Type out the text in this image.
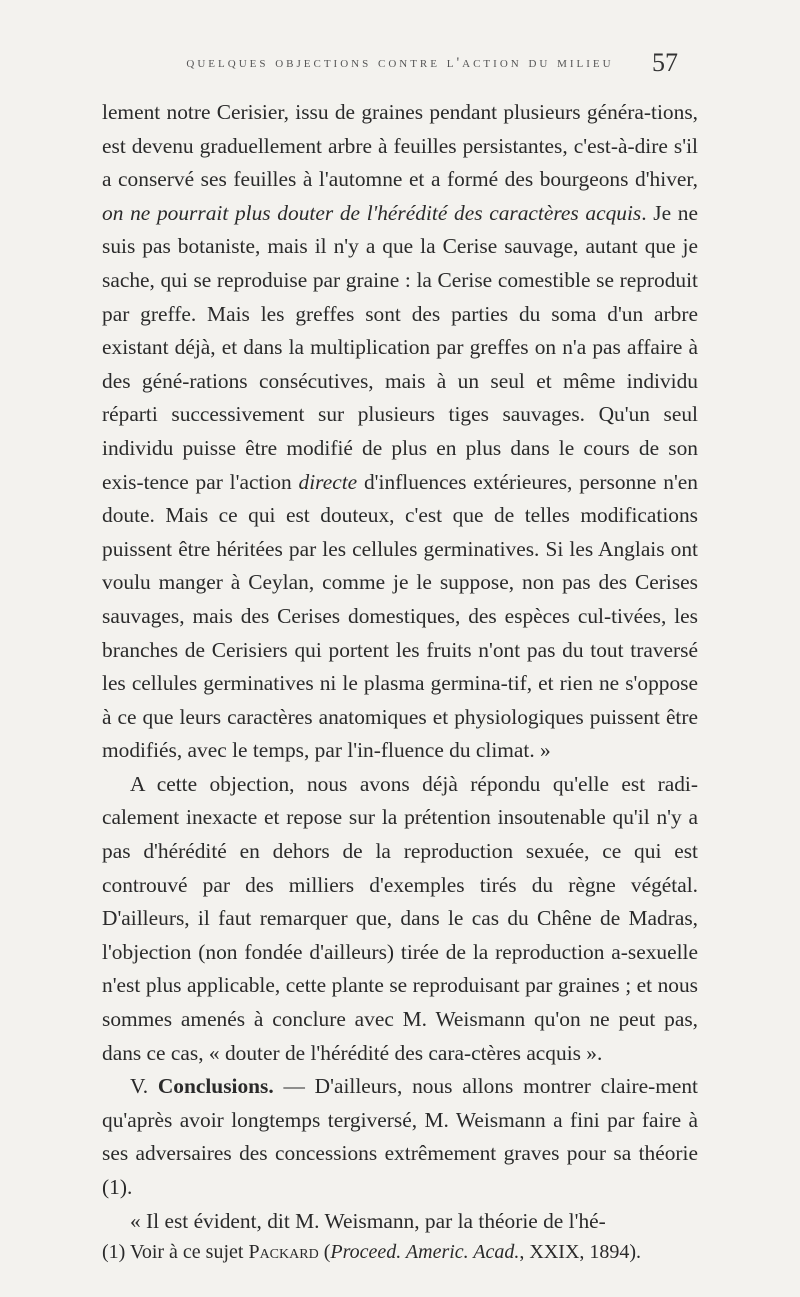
quelques objections contre l'action du milieu	57

lement notre Cerisier, issu de graines pendant plusieurs généra-tions, est devenu graduellement arbre à feuilles persistantes, c'est-à-dire s'il a conservé ses feuilles à l'automne et a formé des bourgeons d'hiver, on ne pourrait plus douter de l'hérédité des caractères acquis. Je ne suis pas botaniste, mais il n'y a que la Cerise sauvage, autant que je sache, qui se reproduise par graine : la Cerise comestible se reproduit par greffe. Mais les greffes sont des parties du soma d'un arbre existant déjà, et dans la multiplication par greffes on n'a pas affaire à des géné-rations consécutives, mais à un seul et même individu réparti successivement sur plusieurs tiges sauvages. Qu'un seul individu puisse être modifié de plus en plus dans le cours de son exis-tence par l'action directe d'influences extérieures, personne n'en doute. Mais ce qui est douteux, c'est que de telles modifications puissent être héritées par les cellules germinatives. Si les Anglais ont voulu manger à Ceylan, comme je le suppose, non pas des Cerises sauvages, mais des Cerises domestiques, des espèces cul-tivées, les branches de Cerisiers qui portent les fruits n'ont pas du tout traversé les cellules germinatives ni le plasma germina-tif, et rien ne s'oppose à ce que leurs caractères anatomiques et physiologiques puissent être modifiés, avec le temps, par l'in-fluence du climat. »

A cette objection, nous avons déjà répondu qu'elle est radi-calement inexacte et repose sur la prétention insoutenable qu'il n'y a pas d'hérédité en dehors de la reproduction sexuée, ce qui est controuvé par des milliers d'exemples tirés du règne végétal. D'ailleurs, il faut remarquer que, dans le cas du Chêne de Madras, l'objection (non fondée d'ailleurs) tirée de la reproduction a-sexuelle n'est plus applicable, cette plante se reproduisant par graines ; et nous sommes amenés à conclure avec M. Weismann qu'on ne peut pas, dans ce cas, « douter de l'hérédité des cara-ctères acquis ».

V. Conclusions. — D'ailleurs, nous allons montrer claire-ment qu'après avoir longtemps tergiversé, M. Weismann a fini par faire à ses adversaires des concessions extrêmement graves pour sa théorie (1).

« Il est évident, dit M. Weismann, par la théorie de l'hé-

(1) Voir à ce sujet Packard (Proceed. Americ. Acad., XXIX, 1894).
